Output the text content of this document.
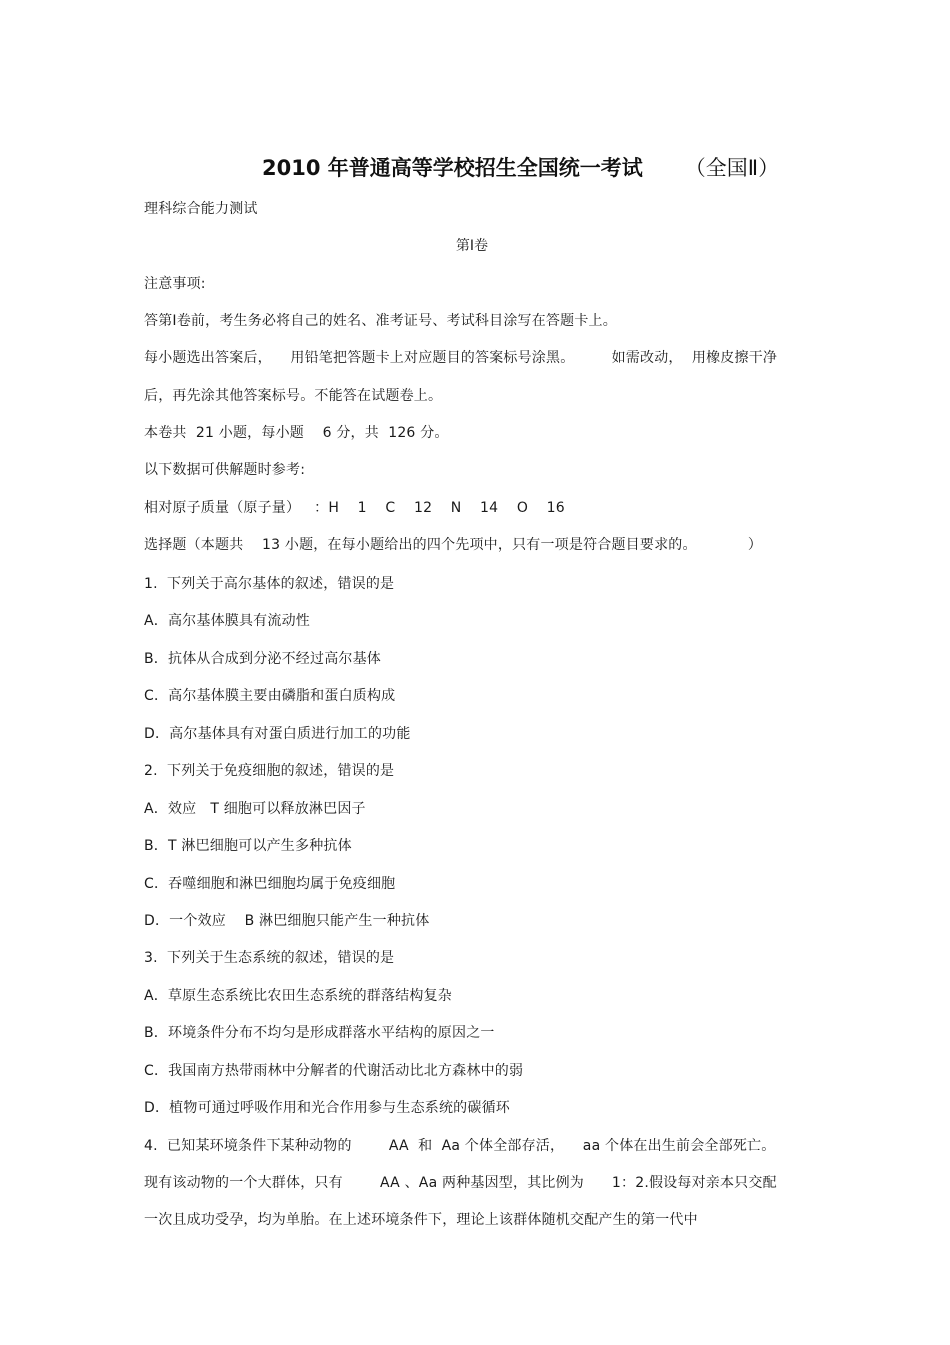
2010 年普通高等学校招生全国统一考试 （全国Ⅱ）
理科综合能力测试
第Ⅰ卷
注意事项:
答第Ⅰ卷前，考生务必将自己的姓名、准考证号、考试科目涂写在答题卡上。
每小题选出答案后，    用铅笔把答题卡上对应题目的答案标号涂黑。        如需改动，  用橡皮擦干净
后，再先涂其他答案标号。不能答在试题卷上。
本卷共  21 小题，每小题    6 分，共  126 分。
以下数据可供解题时参考:
相对原子质量（原子量）   ：H    1    C    12    N    14    O    16
选择题（本题共    13 小题，在每小题给出的四个先项中，只有一项是符合题目要求的。           ）
1.  下列关于高尔基体的叙述，错误的是
A．高尔基体膜具有流动性
B．抗体从合成到分泌不经过高尔基体
C．高尔基体膜主要由磷脂和蛋白质构成
D．高尔基体具有对蛋白质进行加工的功能
2.  下列关于免疫细胞的叙述，错误的是
A．效应   T 细胞可以释放淋巴因子
B．T 淋巴细胞可以产生多种抗体
C．吞噬细胞和淋巴细胞均属于免疫细胞
D．一个效应    B 淋巴细胞只能产生一种抗体
3.  下列关于生态系统的叙述，错误的是
A．草原生态系统比农田生态系统的群落结构复杂
B．环境条件分布不均匀是形成群落水平结构的原因之一
C．我国南方热带雨林中分解者的代谢活动比北方森林中的弱
D．植物可通过呼吸作用和光合作用参与生态系统的碳循环
4.  已知某环境条件下某种动物的        AA  和  Aa 个体全部存活，    aa 个体在出生前会全部死亡。
现有该动物的一个大群体，只有        AA 、Aa 两种基因型，其比例为      1：2.假设每对亲本只交配
一次且成功受孕，均为单胎。在上述环境条件下，理论上该群体随机交配产生的第一代中
